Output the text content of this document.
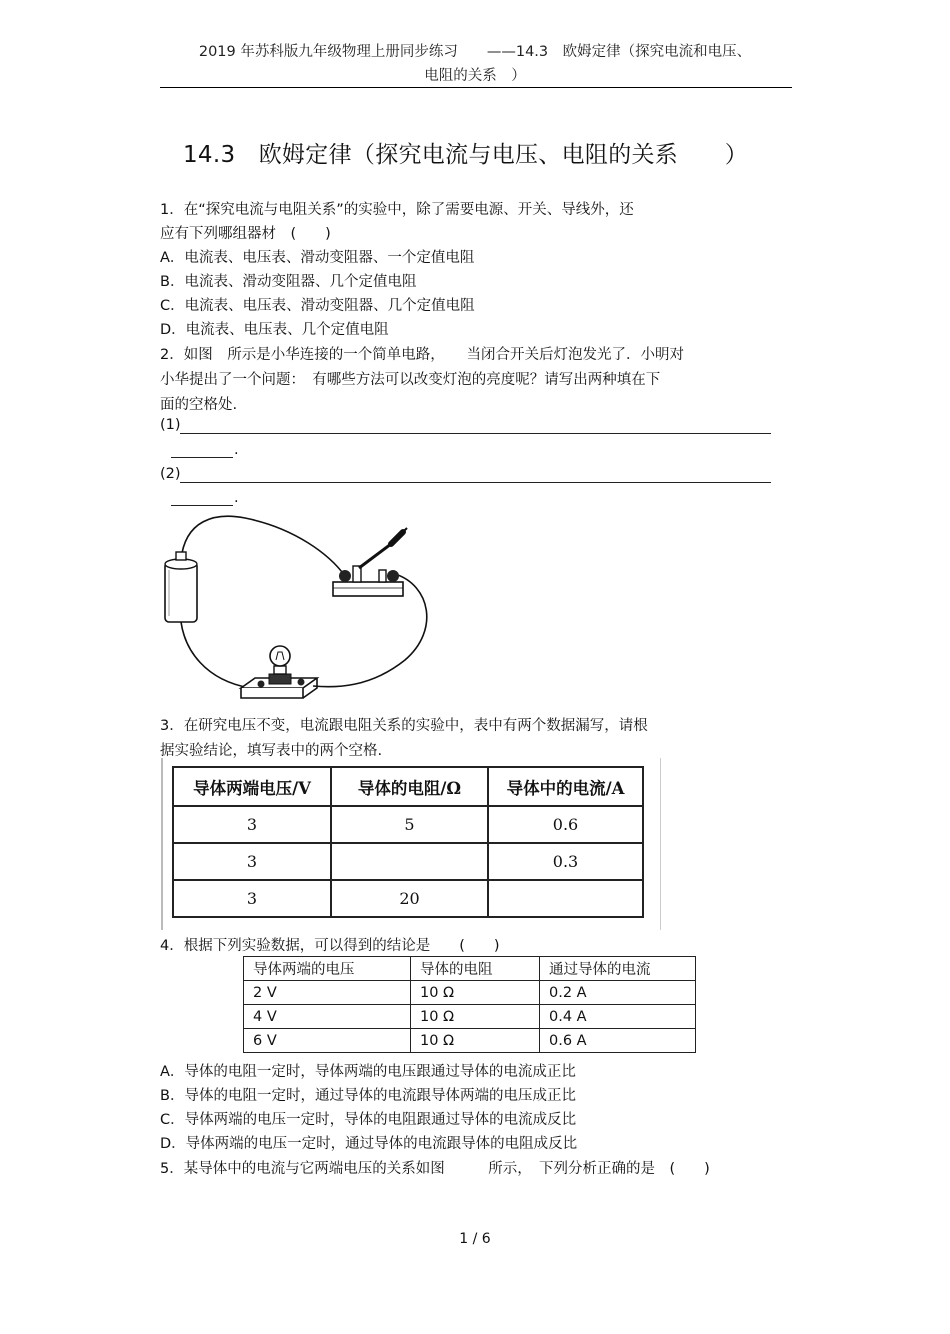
2019 年苏科版九年级物理上册同步练习　　——14.3　欧姆定律（探究电流和电压、
电阻的关系　）
14.3　欧姆定律（探究电流与电压、电阻的关系　　）
1．在“探究电流与电阻关系”的实验中，除了需要电源、开关、导线外，还
应有下列哪组器材　(　　)
A．电流表、电压表、滑动变阻器、一个定值电阻
B．电流表、滑动变阻器、几个定值电阻
C．电流表、电压表、滑动变阻器、几个定值电阻
D．电流表、电压表、几个定值电阻
2．如图　所示是小华连接的一个简单电路，　　当闭合开关后灯泡发光了．小明对
小华提出了一个问题：　有哪些方法可以改变灯泡的亮度呢？请写出两种填在下
面的空格处.
(1)
.
(2)
.
3．在研究电压不变，电流跟电阻关系的实验中，表中有两个数据漏写，请根
据实验结论，填写表中的两个空格.
导体两端电压/V	导体的电阻/Ω	导体中的电流/A
3	5	0.6
3		0.3
3	20	
4．根据下列实验数据，可以得到的结论是　　(　　)
导体两端的电压	导体的电阻	通过导体的电流
2 V	10 Ω	0.2 A
4 V	10 Ω	0.4 A
6 V	10 Ω	0.6 A
A．导体的电阻一定时，导体两端的电压跟通过导体的电流成正比
B．导体的电阻一定时，通过导体的电流跟导体两端的电压成正比
C．导体两端的电压一定时，导体的电阻跟通过导体的电流成反比
D．导体两端的电压一定时，通过导体的电流跟导体的电阻成反比
5．某导体中的电流与它两端电压的关系如图　　　所示，　下列分析正确的是　(　　)
1 / 6
